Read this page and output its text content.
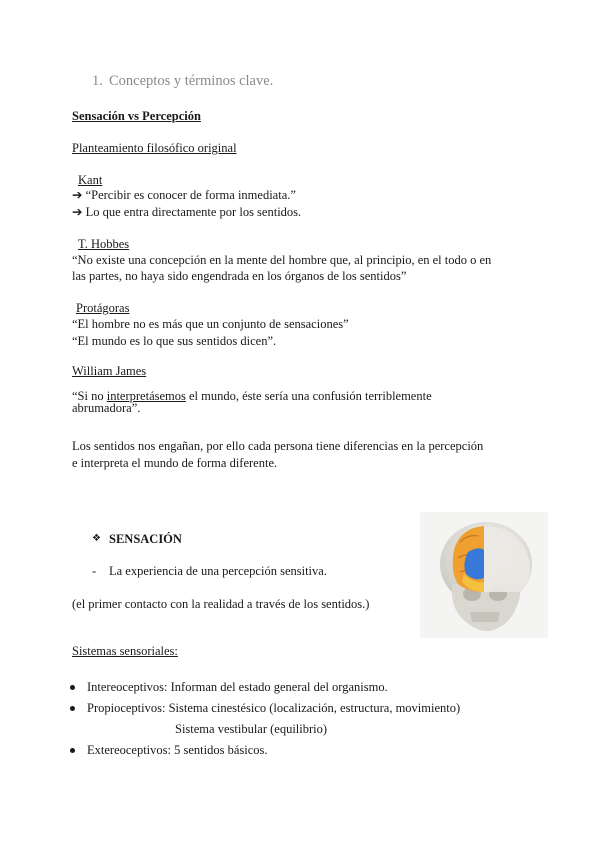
1. Conceptos y términos clave.
Sensación vs Percepción
Planteamiento filosófico original
Kant
➔ “Percibir es conocer de forma inmediata.”
➔ Lo que entra directamente por los sentidos.
T. Hobbes
“No existe una concepción en la mente del hombre que, al principio, en el todo o en
las partes, no haya sido engendrada en los órganos de los sentidos”
Protágoras
“El hombre no es más que un conjunto de sensaciones”
“El mundo es lo que sus sentidos dicen”.
William James
“Si no interpretásemos el mundo, éste sería una confusión terriblemente
abrumadora”.
Los sentidos nos engañan, por ello cada persona tiene diferencias en la percepción
e interpreta el mundo de forma diferente.
❖ SENSACIÓN
- La experiencia de una percepción sensitiva.
(el primer contacto con la realidad a través de los sentidos.)
Sistemas sensoriales:
Intereoceptivos: Informan del estado general del organismo.
Propioceptivos: Sistema cinestésico (localización, estructura, movimiento)
Sistema vestibular (equilibrio)
Extereoceptivos: 5 sentidos básicos.
